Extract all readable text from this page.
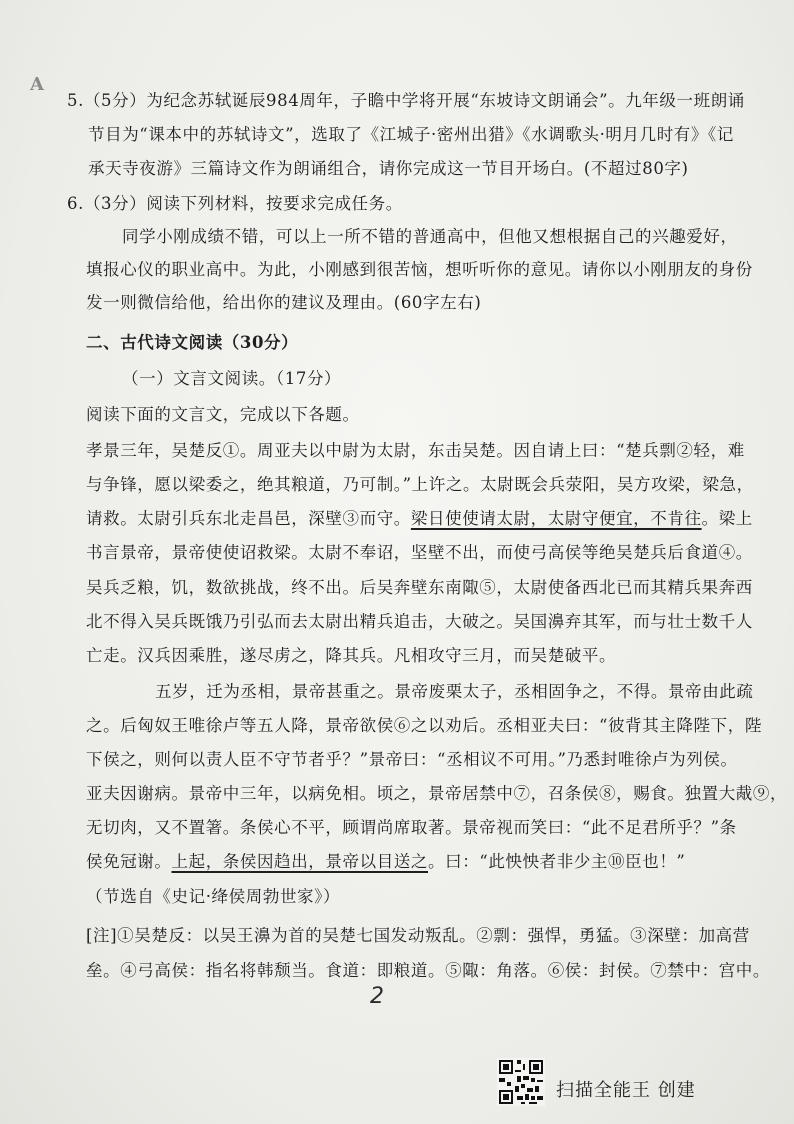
A
5.（5分）为纪念苏轼诞辰984周年，子瞻中学将开展“东坡诗文朗诵会”。九年级一班朗诵
节目为“课本中的苏轼诗文”，选取了《江城子·密州出猎》《水调歌头·明月几时有》《记
承天寺夜游》三篇诗文作为朗诵组合，请你完成这一节目开场白。(不超过80字)
6.（3分）阅读下列材料，按要求完成任务。
同学小刚成绩不错，可以上一所不错的普通高中，但他又想根据自己的兴趣爱好，
填报心仪的职业高中。为此，小刚感到很苦恼，想听听你的意见。请你以小刚朋友的身份
发一则微信给他，给出你的建议及理由。(60字左右)
二、古代诗文阅读（30分）
（一）文言文阅读。（17分）
阅读下面的文言文，完成以下各题。
孝景三年，吴楚反①。周亚夫以中尉为太尉，东击吴楚。因自请上曰：“楚兵剽②轻，难
与争锋，愿以梁委之，绝其粮道，乃可制。”上许之。太尉既会兵荥阳，吴方攻梁，梁急，
请救。太尉引兵东北走昌邑，深壁③而守。梁日使使请太尉，太尉守便宜，不肯往。梁上
书言景帝，景帝使使诏救梁。太尉不奉诏，坚壁不出，而使弓高侯等绝吴楚兵后食道④。
吴兵乏粮，饥，数欲挑战，终不出。后吴奔壁东南陬⑤，太尉使备西北已而其精兵果奔西
北不得入吴兵既饿乃引弘而去太尉出精兵追击，大破之。吴国濞弃其军，而与壮士数千人
亡走。汉兵因乘胜，遂尽虏之，降其兵。凡相攻守三月，而吴楚破平。
五岁，迁为丞相，景帝甚重之。景帝废栗太子，丞相固争之，不得。景帝由此疏
之。后匈奴王唯徐卢等五人降，景帝欲侯⑥之以劝后。丞相亚夫曰：“彼背其主降陛下，陛
下侯之，则何以责人臣不守节者乎？”景帝曰：“丞相议不可用。”乃悉封唯徐卢为列侯。
亚夫因谢病。景帝中三年，以病免相。顷之，景帝居禁中⑦，召条侯⑧，赐食。独置大胾⑨，
无切肉，又不置箸。条侯心不平，顾谓尚席取著。景帝视而笑曰：“此不足君所乎？”条
侯免冠谢。上起，条侯因趋出，景帝以目送之。曰：“此怏怏者非少主⑩臣也！”
（节选自《史记·绛侯周勃世家》）
[注]①吴楚反：以吴王濞为首的吴楚七国发动叛乱。②剽：强悍，勇猛。③深壁：加高营
垒。④弓高侯：指名将韩颓当。食道：即粮道。⑤陬：角落。⑥侯：封侯。⑦禁中：宫中。
2
扫描全能王 创建
